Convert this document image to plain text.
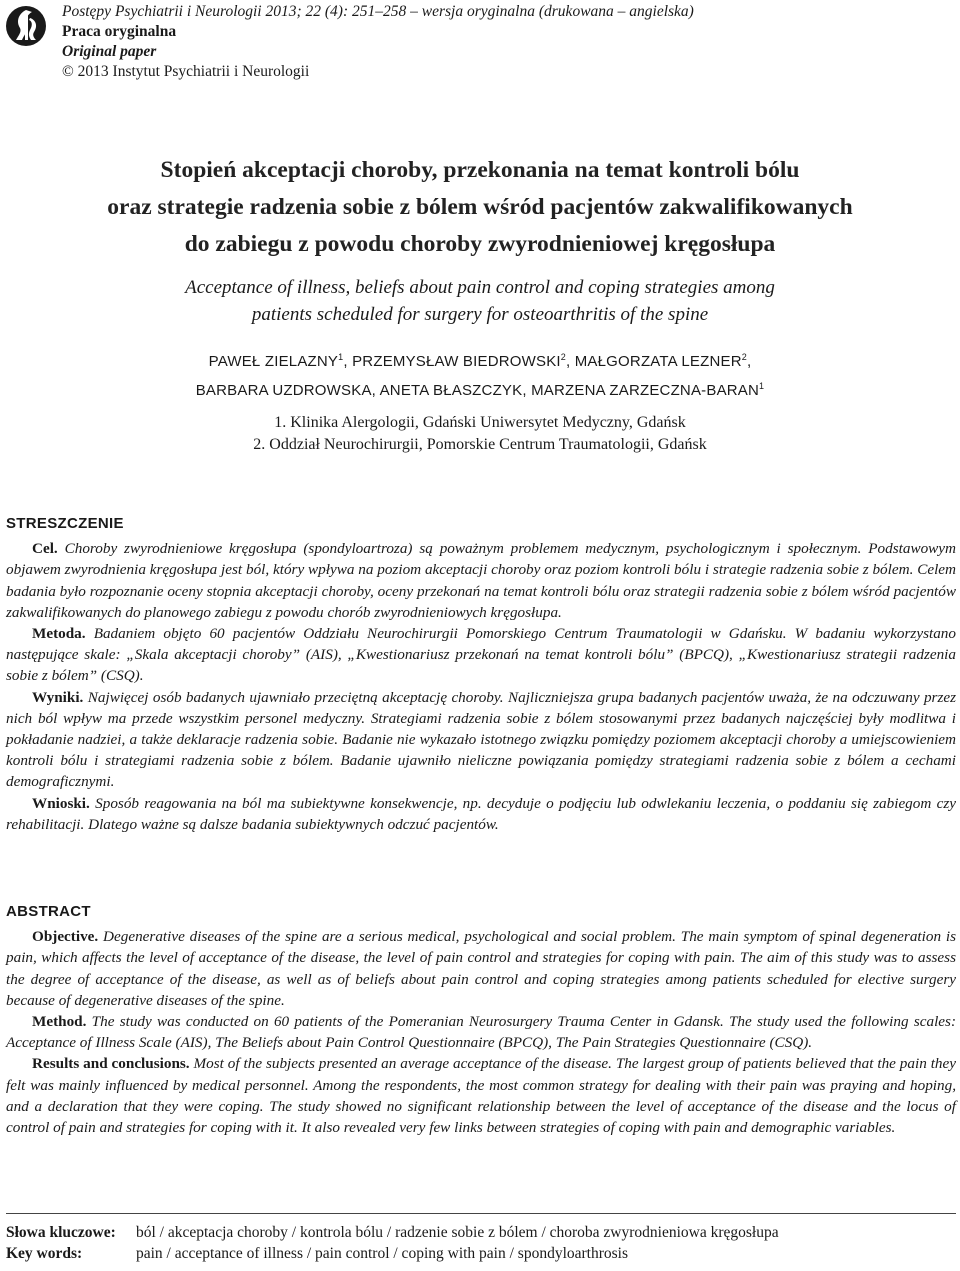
Postępy Psychiatrii i Neurologii 2013; 22 (4): 251–258 – wersja oryginalna (drukowana – angielska)
Praca oryginalna
Original paper
© 2013 Instytut Psychiatrii i Neurologii
Stopień akceptacji choroby, przekonania na temat kontroli bólu
oraz strategie radzenia sobie z bólem wśród pacjentów zakwalifikowanych
do zabiegu z powodu choroby zwyrodnieniowej kręgosłupa
Acceptance of illness, beliefs about pain control and coping strategies among
patients scheduled for surgery for osteoarthritis of the spine
PAWEŁ ZIELAZNY$^1$, PRZEMYSŁAW BIEDROWSKI$^2$, MAŁGORZATA LEZNER$^2$,
BARBARA UZDROWSKA, ANETA BŁASZCZYK, MARZENA ZARZECZNA-BARAN$^1$
1. Klinika Alergologii, Gdański Uniwersytet Medyczny, Gdańsk
2. Oddział Neurochirurgii, Pomorskie Centrum Traumatologii, Gdańsk
STRESZCZENIE

Cel. Choroby zwyrodnieniowe kręgosłupa (spondyloartroza) są poważnym problemem medycznym, psychologicznym i społecznym. Podstawowym objawem zwyrodnienia kręgosłupa jest ból, który wpływa na poziom akceptacji choroby oraz poziom kontroli bólu i strategie radzenia sobie z bólem. Celem badania było rozpoznanie oceny stopnia akceptacji choroby, oceny przekonań na temat kontroli bólu oraz strategii radzenia sobie z bólem wśród pacjentów zakwalifikowanych do planowego zabiegu z powodu chorób zwyrodnieniowych kręgosłupa.

Metoda. Badaniem objęto 60 pacjentów Oddziału Neurochirurgii Pomorskiego Centrum Traumatologii w Gdańsku. W badaniu wykorzystano następujące skale: „Skala akceptacji choroby” (AIS), „Kwestionariusz przekonań na temat kontroli bólu” (BPCQ), „Kwestionariusz strategii radzenia sobie z bólem” (CSQ).

Wyniki. Najwięcej osób badanych ujawniało przeciętną akceptację choroby. Najliczniejsza grupa badanych pacjentów uważa, że na odczuwany przez nich ból wpływ ma przede wszystkim personel medyczny. Strategiami radzenia sobie z bólem stosowanymi przez badanych najczęściej były modlitwa i pokładanie nadziei, a także deklaracje radzenia sobie. Badanie nie wykazało istotnego związku pomiędzy poziomem akceptacji choroby a umiejscowieniem kontroli bólu i strategiami radzenia sobie z bólem. Badanie ujawniło nieliczne powiązania pomiędzy strategiami radzenia sobie z bólem a cechami demograficznymi.

Wnioski. Sposób reagowania na ból ma subiektywne konsekwencje, np. decyduje o podjęciu lub odwlekaniu leczenia, o poddaniu się zabiegom czy rehabilitacji. Dlatego ważne są dalsze badania subiektywnych odczuć pacjentów.

ABSTRACT

Objective. Degenerative diseases of the spine are a serious medical, psychological and social problem. The main symptom of spinal degeneration is pain, which affects the level of acceptance of the disease, the level of pain control and strategies for coping with pain. The aim of this study was to assess the degree of acceptance of the disease, as well as of beliefs about pain control and coping strategies among patients scheduled for elective surgery because of degenerative diseases of the spine.

Method. The study was conducted on 60 patients of the Pomeranian Neurosurgery Trauma Center in Gdansk. The study used the following scales: Acceptance of Illness Scale (AIS), The Beliefs about Pain Control Questionnaire (BPCQ), The Pain Strategies Questionnaire (CSQ).

Results and conclusions. Most of the subjects presented an average acceptance of the disease. The largest group of patients believed that the pain they felt was mainly influenced by medical personnel. Among the respondents, the most common strategy for dealing with their pain was praying and hoping, and a declaration that they were coping. The study showed no significant relationship between the level of acceptance of the disease and the locus of control of pain and strategies for coping with it. It also revealed very few links between strategies of coping with pain and demographic variables.

Słowa kluczowe:	ból / akceptacja choroby / kontrola bólu / radzenie sobie z bólem / choroba zwyrodnieniowa kręgosłupa
Key words:	pain / acceptance of illness / pain control / coping with pain / spondyloarthrosis
